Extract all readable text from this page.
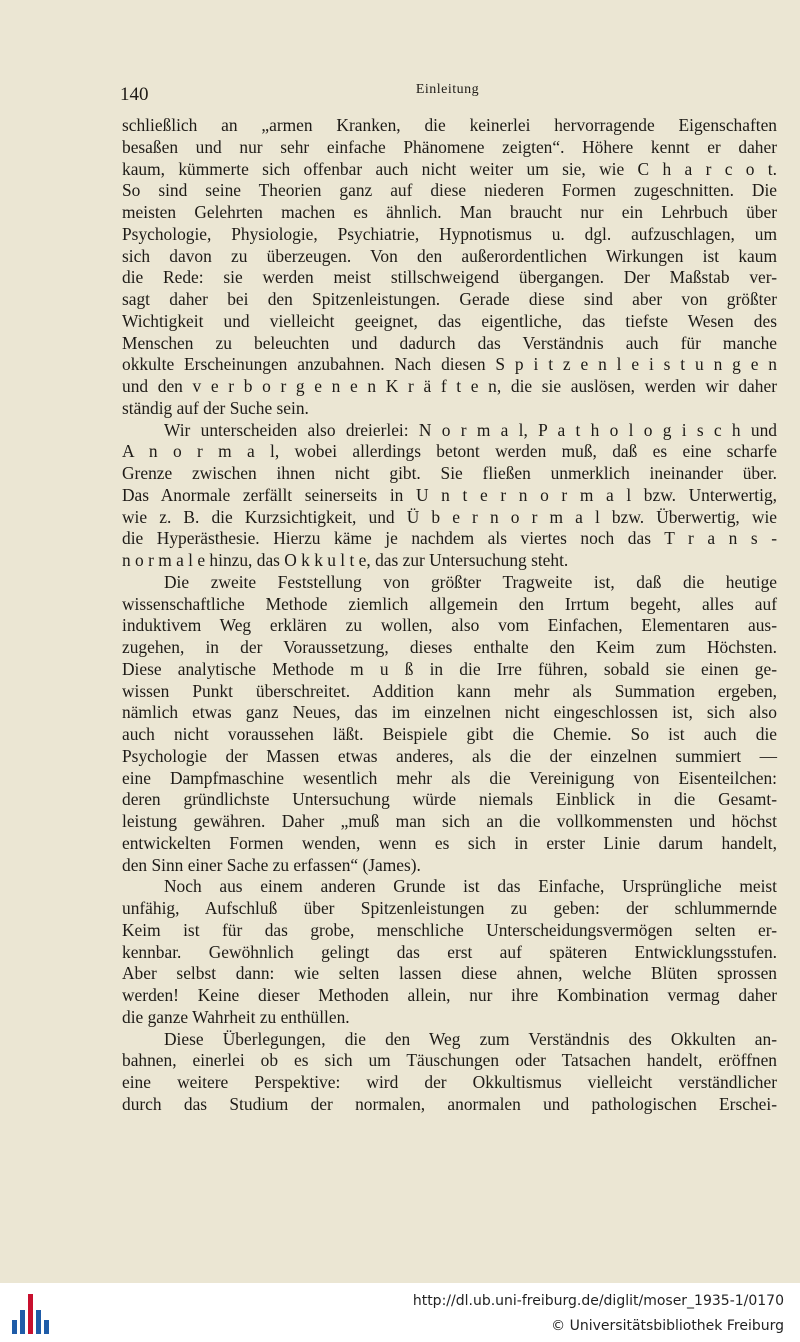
140	Einleitung
schließlich an „armen Kranken, die keinerlei hervorragende Eigenschaften
besaßen und nur sehr einfache Phänomene zeigten“. Höhere kennt er daher
kaum, kümmerte sich offenbar auch nicht weiter um sie, wie C h a r c o t.
So sind seine Theorien ganz auf diese niederen Formen zugeschnitten. Die
meisten Gelehrten machen es ähnlich. Man braucht nur ein Lehrbuch über
Psychologie, Physiologie, Psychiatrie, Hypnotismus u. dgl. aufzuschlagen, um
sich davon zu überzeugen. Von den außerordentlichen Wirkungen ist kaum
die Rede: sie werden meist stillschweigend übergangen. Der Maßstab ver-
sagt daher bei den Spitzenleistungen. Gerade diese sind aber von größter
Wichtigkeit und vielleicht geeignet, das eigentliche, das tiefste Wesen des
Menschen zu beleuchten und dadurch das Verständnis auch für manche
okkulte Erscheinungen anzubahnen. Nach diesen S p i t z e n l e i s t u n g e n
und den v e r b o r g e n e n K r ä f t e n, die sie auslösen, werden wir daher
ständig auf der Suche sein.
Wir unterscheiden also dreierlei: N o r m a l, P a t h o l o g i s c h und
A n o r m a l, wobei allerdings betont werden muß, daß es eine scharfe
Grenze zwischen ihnen nicht gibt. Sie fließen unmerklich ineinander über.
Das Anormale zerfällt seinerseits in U n t e r n o r m a l bzw. Unterwertig,
wie z. B. die Kurzsichtigkeit, und Ü b e r n o r m a l bzw. Überwertig, wie
die Hyperästhesie. Hierzu käme je nachdem als viertes noch das T r a n s -
n o r m a l e hinzu, das O k k u l t e, das zur Untersuchung steht.
Die zweite Feststellung von größter Tragweite ist, daß die heutige
wissenschaftliche Methode ziemlich allgemein den Irrtum begeht, alles auf
induktivem Weg erklären zu wollen, also vom Einfachen, Elementaren aus-
zugehen, in der Voraussetzung, dieses enthalte den Keim zum Höchsten.
Diese analytische Methode m u ß in die Irre führen, sobald sie einen ge-
wissen Punkt überschreitet. Addition kann mehr als Summation ergeben,
nämlich etwas ganz Neues, das im einzelnen nicht eingeschlossen ist, sich also
auch nicht voraussehen läßt. Beispiele gibt die Chemie. So ist auch die
Psychologie der Massen etwas anderes, als die der einzelnen summiert —
eine Dampfmaschine wesentlich mehr als die Vereinigung von Eisenteilchen:
deren gründlichste Untersuchung würde niemals Einblick in die Gesamt-
leistung gewähren. Daher „muß man sich an die vollkommensten und höchst
entwickelten Formen wenden, wenn es sich in erster Linie darum handelt,
den Sinn einer Sache zu erfassen“ (James).
Noch aus einem anderen Grunde ist das Einfache, Ursprüngliche meist
unfähig, Aufschluß über Spitzenleistungen zu geben: der schlummernde
Keim ist für das grobe, menschliche Unterscheidungsvermögen selten er-
kennbar. Gewöhnlich gelingt das erst auf späteren Entwicklungsstufen.
Aber selbst dann: wie selten lassen diese ahnen, welche Blüten sprossen
werden! Keine dieser Methoden allein, nur ihre Kombination vermag daher
die ganze Wahrheit zu enthüllen.
Diese Überlegungen, die den Weg zum Verständnis des Okkulten an-
bahnen, einerlei ob es sich um Täuschungen oder Tatsachen handelt, eröffnen
eine weitere Perspektive: wird der Okkultismus vielleicht verständlicher
durch das Studium der normalen, anormalen und pathologischen Erschei-
http://dl.ub.uni-freiburg.de/diglit/moser_1935-1/0170
© Universitätsbibliothek Freiburg
